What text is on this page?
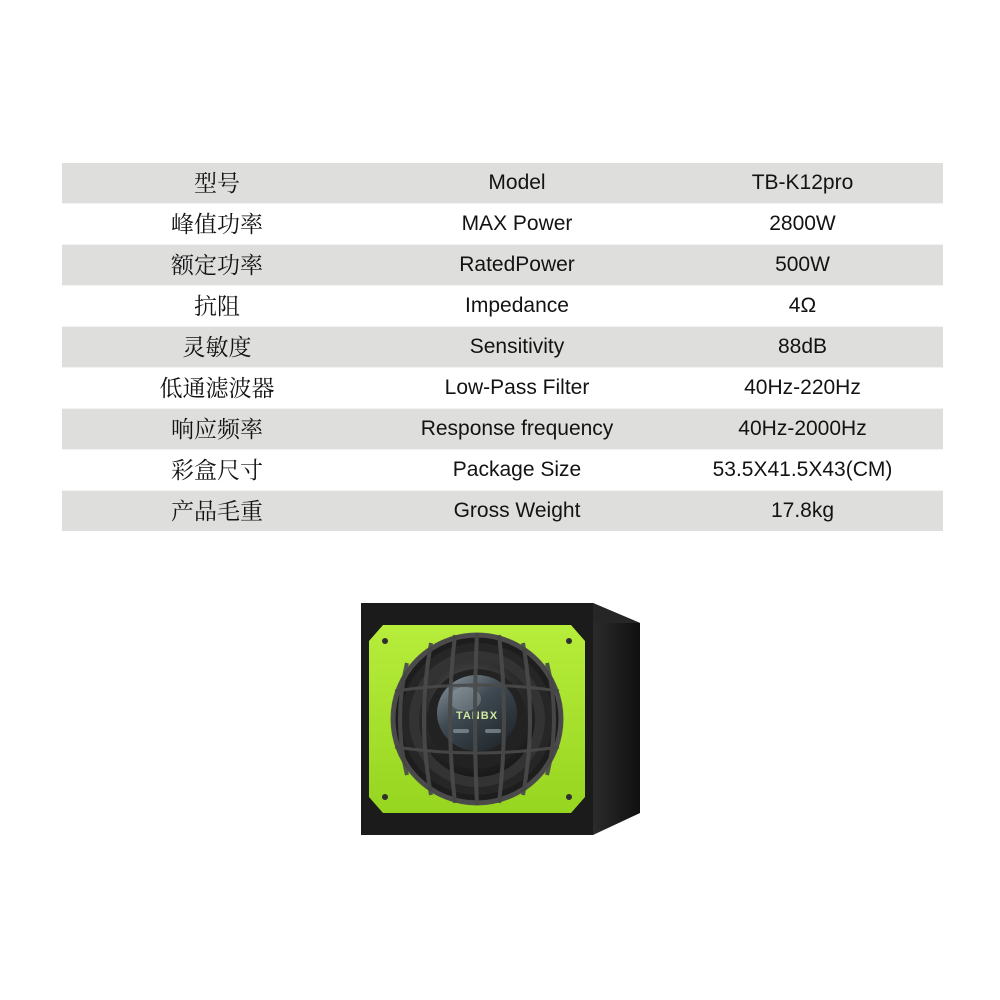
型号	Model	TB-K12pro
峰值功率	MAX Power	2800W
额定功率	RatedPower	500W
抗阻	Impedance	4Ω
灵敏度	Sensitivity	88dB
低通滤波器	Low-Pass Filter	40Hz-220Hz
响应频率	Response frequency	40Hz-2000Hz
彩盒尺寸	Package Size	53.5X41.5X43(CM)
产品毛重	Gross Weight	17.8kg
TANBX
